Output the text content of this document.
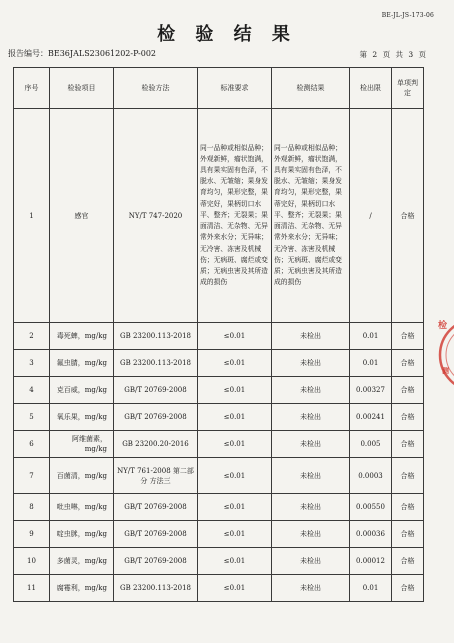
BE-JL-JS-173-06
检 验 结 果
报告编号：BE36JALS23061202-P-002	第 2 页 共 3 页
序号	检验项目	检验方法	标准要求	检测结果	检出限	单项判定
1	感官	NY/T 747-2020	同一品种或相似品种；外观新鲜，瘤状饱满，具有果实固有色泽，不脱水、无皱缩；果身发育均匀，果形完整，果蒂完好，果柄切口水平、整齐；无裂果；果面清洁、无杂物、无异常外来水分；无异味；无冷害、冻害及机械伤；无病斑、腐烂或变质；无病虫害及其所造成的损伤	同一品种或相似品种；外观新鲜，瘤状饱满，具有果实固有色泽，不脱水、无皱缩；果身发育均匀，果形完整，果蒂完好，果柄切口水平、整齐；无裂果；果面清洁、无杂物、无异常外来水分；无异味；无冷害、冻害及机械伤；无病斑、腐烂或变质；无病虫害及其所造成的损伤	/	合格
2	毒死蜱，mg/kg	GB 23200.113-2018	≤0.01	未检出	0.01	合格
3	氟虫腈，mg/kg	GB 23200.113-2018	≤0.01	未检出	0.01	合格
4	克百威，mg/kg	GB/T 20769-2008	≤0.01	未检出	0.00327	合格
5	氧乐果，mg/kg	GB/T 20769-2008	≤0.01	未检出	0.00241	合格
6	阿维菌素，mg/kg	GB 23200.20-2016	≤0.01	未检出	0.005	合格
7	百菌清，mg/kg	NY/T 761-2008 第二部分 方法三	≤0.01	未检出	0.0003	合格
8	吡虫啉，mg/kg	GB/T 20769-2008	≤0.01	未检出	0.00550	合格
9	啶虫脒，mg/kg	GB/T 20769-2008	≤0.01	未检出	0.00036	合格
10	多菌灵，mg/kg	GB/T 20769-2008	≤0.01	未检出	0.00012	合格
11	腐霉利，mg/kg	GB 23200.113-2018	≤0.01	未检出	0.01	合格
检
测
